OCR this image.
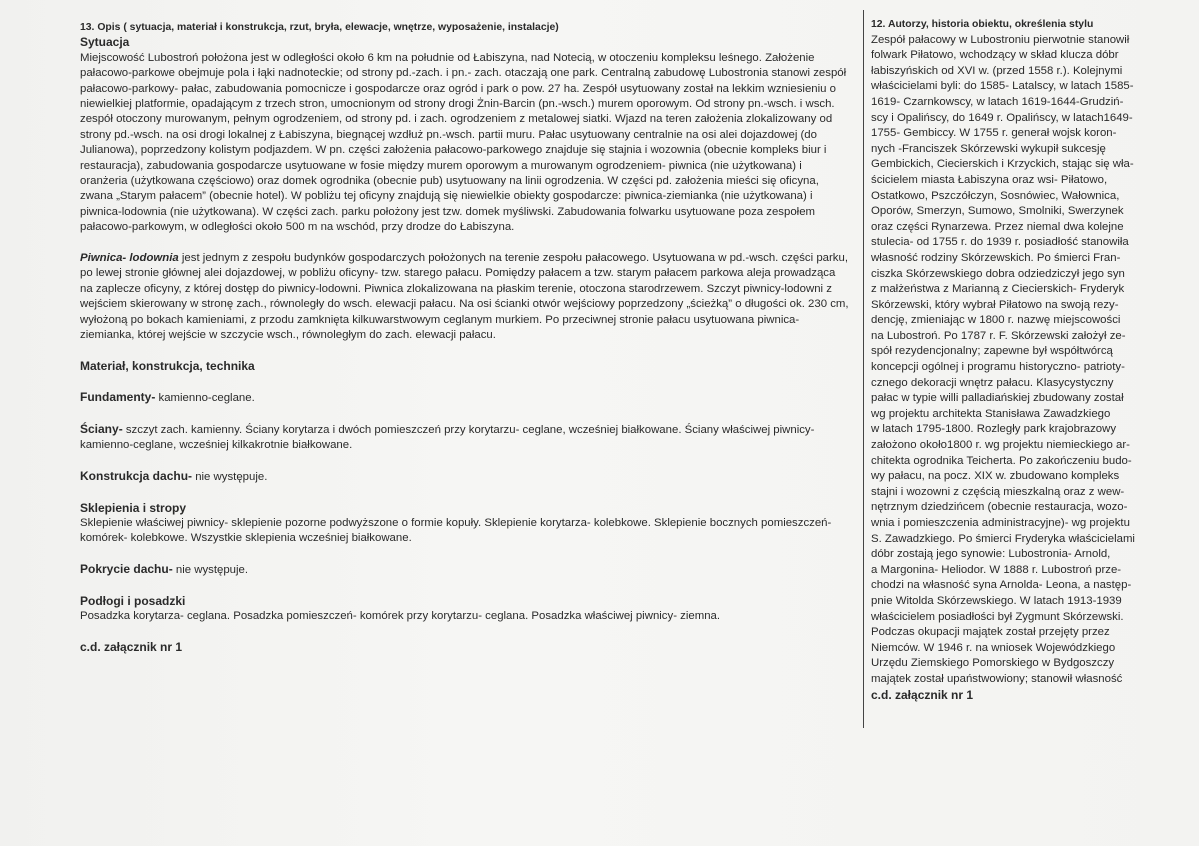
13. Opis ( sytuacja, materiał i konstrukcja, rzut, bryła, elewacje, wnętrze, wyposażenie, instalacje)

Sytuacja

Miejscowość Lubostroń położona jest w odległości około 6 km na południe od Łabiszyna, nad Notecią, w otoczeniu kompleksu leśnego. Założenie pałacowo-parkowe obejmuje pola i łąki nadnoteckie; od strony pd.-zach. i pn.- zach. otaczają one park. Centralną zabudowę Lubostronia stanowi zespół pałacowo-parkowy- pałac, zabudowania pomocnicze i gospodarcze oraz ogród i park o pow. 27 ha. Zespół usytuowany został na lekkim wzniesieniu o niewielkiej platformie, opadającym z trzech stron, umocnionym od strony drogi Żnin-Barcin (pn.-wsch.) murem oporowym. Od strony pn.-wsch. i wsch. zespół otoczony murowanym, pełnym ogrodzeniem, od strony pd. i zach. ogrodzeniem z metalowej siatki. Wjazd na teren założenia zlokalizowany od strony pd.-wsch. na osi drogi lokalnej z Łabiszyna, biegnącej wzdłuż pn.-wsch. partii muru. Pałac usytuowany centralnie na osi alei dojazdowej (do Julianowa), poprzedzony kolistym podjazdem. W pn. części założenia pałacowo-parkowego znajduje się stajnia i wozownia (obecnie kompleks biur i restauracja), zabudowania gospodarcze usytuowane w fosie między murem oporowym a murowanym ogrodzeniem- piwnica (nie użytkowana) i oranżeria (użytkowana częściowo) oraz domek ogrodnika (obecnie pub) usytuowany na linii ogrodzenia. W części pd. założenia mieści się oficyna, zwana „Starym pałacem” (obecnie hotel). W pobliżu tej oficyny znajdują się niewielkie obiekty gospodarcze: piwnica-ziemianka (nie użytkowana) i piwnica-lodownia (nie użytkowana). W części zach. parku położony jest tzw. domek myśliwski. Zabudowania folwarku usytuowane poza zespołem pałacowo-parkowym, w odległości około 500 m na wschód, przy drodze do Łabiszyna.

Piwnica- lodownia jest jednym z zespołu budynków gospodarczych położonych na terenie zespołu pałacowego. Usytuowana w pd.-wsch. części parku, po lewej stronie głównej alei dojazdowej, w pobliżu oficyny- tzw. starego pałacu. Pomiędzy pałacem a tzw. starym pałacem parkowa aleja prowadząca na zaplecze oficyny, z której dostęp do piwnicy-lodowni. Piwnica zlokalizowana na płaskim terenie, otoczona starodrzewem. Szczyt piwnicy-lodowni z wejściem skierowany w stronę zach., równoległy do wsch. elewacji pałacu. Na osi ścianki otwór wejściowy poprzedzony „ścieżką” o długości ok. 230 cm, wyłożoną po bokach kamieniami, z przodu zamknięta kilkuwarstwowym ceglanym murkiem. Po przeciwnej stronie pałacu usytuowana piwnica-ziemianka, której wejście w szczycie wsch., równoległym do zach. elewacji pałacu.

Materiał, konstrukcja, technika

Fundamenty- kamienno-ceglane.

Ściany- szczyt zach. kamienny. Ściany korytarza i dwóch pomieszczeń przy korytarzu- ceglane, wcześniej białkowane. Ściany właściwej piwnicy- kamienno-ceglane, wcześniej kilkakrotnie białkowane.

Konstrukcja dachu- nie występuje.

Sklepienia i stropy

Sklepienie właściwej piwnicy- sklepienie pozorne podwyższone o formie kopuły. Sklepienie korytarza- kolebkowe. Sklepienie bocznych pomieszczeń-komórek- kolebkowe. Wszystkie sklepienia wcześniej białkowane.

Pokrycie dachu- nie występuje.

Podłogi i posadzki

Posadzka korytarza- ceglana. Posadzka pomieszczeń- komórek przy korytarzu- ceglana. Posadzka właściwej piwnicy- ziemna.

c.d. załącznik nr 1

12. Autorzy, historia obiektu, określenia stylu

Zespół pałacowy w Lubostroniu pierwotnie stanowił
folwark Piłatowo, wchodzący w skład klucza dóbr
łabiszyńskich od XVI w. (przed 1558 r.). Kolejnymi
właścicielami byli: do 1585- Latalscy, w latach 1585-
1619- Czarnkowscy, w latach 1619-1644-Grudziń-
scy i Opalińscy, do 1649 r. Opalińscy, w latach1649-
1755- Gembiccy. W 1755 r. generał wojsk koron-
nych -Franciszek Skórzewski wykupił sukcesję
Gembickich, Ciecierskich i Krzyckich, stając się wła-
ścicielem miasta Łabiszyna oraz wsi- Piłatowo,
Ostatkowo, Pszczółczyn, Sosnówiec, Wałownica,
Oporów, Smerzyn, Sumowo, Smolniki, Swerzynek
oraz części Rynarzewa. Przez niemal dwa kolejne
stulecia- od 1755 r. do 1939 r. posiadłość stanowiła
własność rodziny Skórzewskich. Po śmierci Fran-
ciszka Skórzewskiego dobra odziedziczył jego syn
z małżeństwa z Marianną z Ciecierskich- Fryderyk
Skórzewski, który wybrał Piłatowo na swoją rezy-
dencję, zmieniając w 1800 r. nazwę miejscowości
na Lubostroń. Po 1787 r. F. Skórzewski założył ze-
spół rezydencjonalny; zapewne był współtwórcą
koncepcji ogólnej i programu historyczno- patrioty-
cznego dekoracji wnętrz pałacu. Klasycystyczny
pałac w typie willi palladiańskiej zbudowany został
wg projektu architekta Stanisława Zawadzkiego
w latach 1795-1800. Rozległy park krajobrazowy
założono około1800 r. wg projektu niemieckiego ar-
chitekta ogrodnika Teicherta. Po zakończeniu budo-
wy pałacu, na pocz. XIX w. zbudowano kompleks
stajni i wozowni z częścią mieszkalną oraz z wew-
nętrznym dziedzińcem (obecnie restauracja, wozo-
wnia i pomieszczenia administracyjne)- wg projektu
S. Zawadzkiego. Po śmierci Fryderyka właścicielami
dóbr zostają jego synowie: Lubostronia- Arnold,
a Margonina- Heliodor. W 1888 r. Lubostroń prze-
chodzi na własność syna Arnolda- Leona, a następ-
pnie Witolda Skórzewskiego. W latach 1913-1939
właścicielem posiadłości był Zygmunt Skórzewski.
Podczas okupacji majątek został przejęty przez
Niemców. W 1946 r. na wniosek Wojewódzkiego
Urzędu Ziemskiego Pomorskiego w Bydgoszczy
majątek został upaństwowiony; stanowił własność

c.d. załącznik nr 1
